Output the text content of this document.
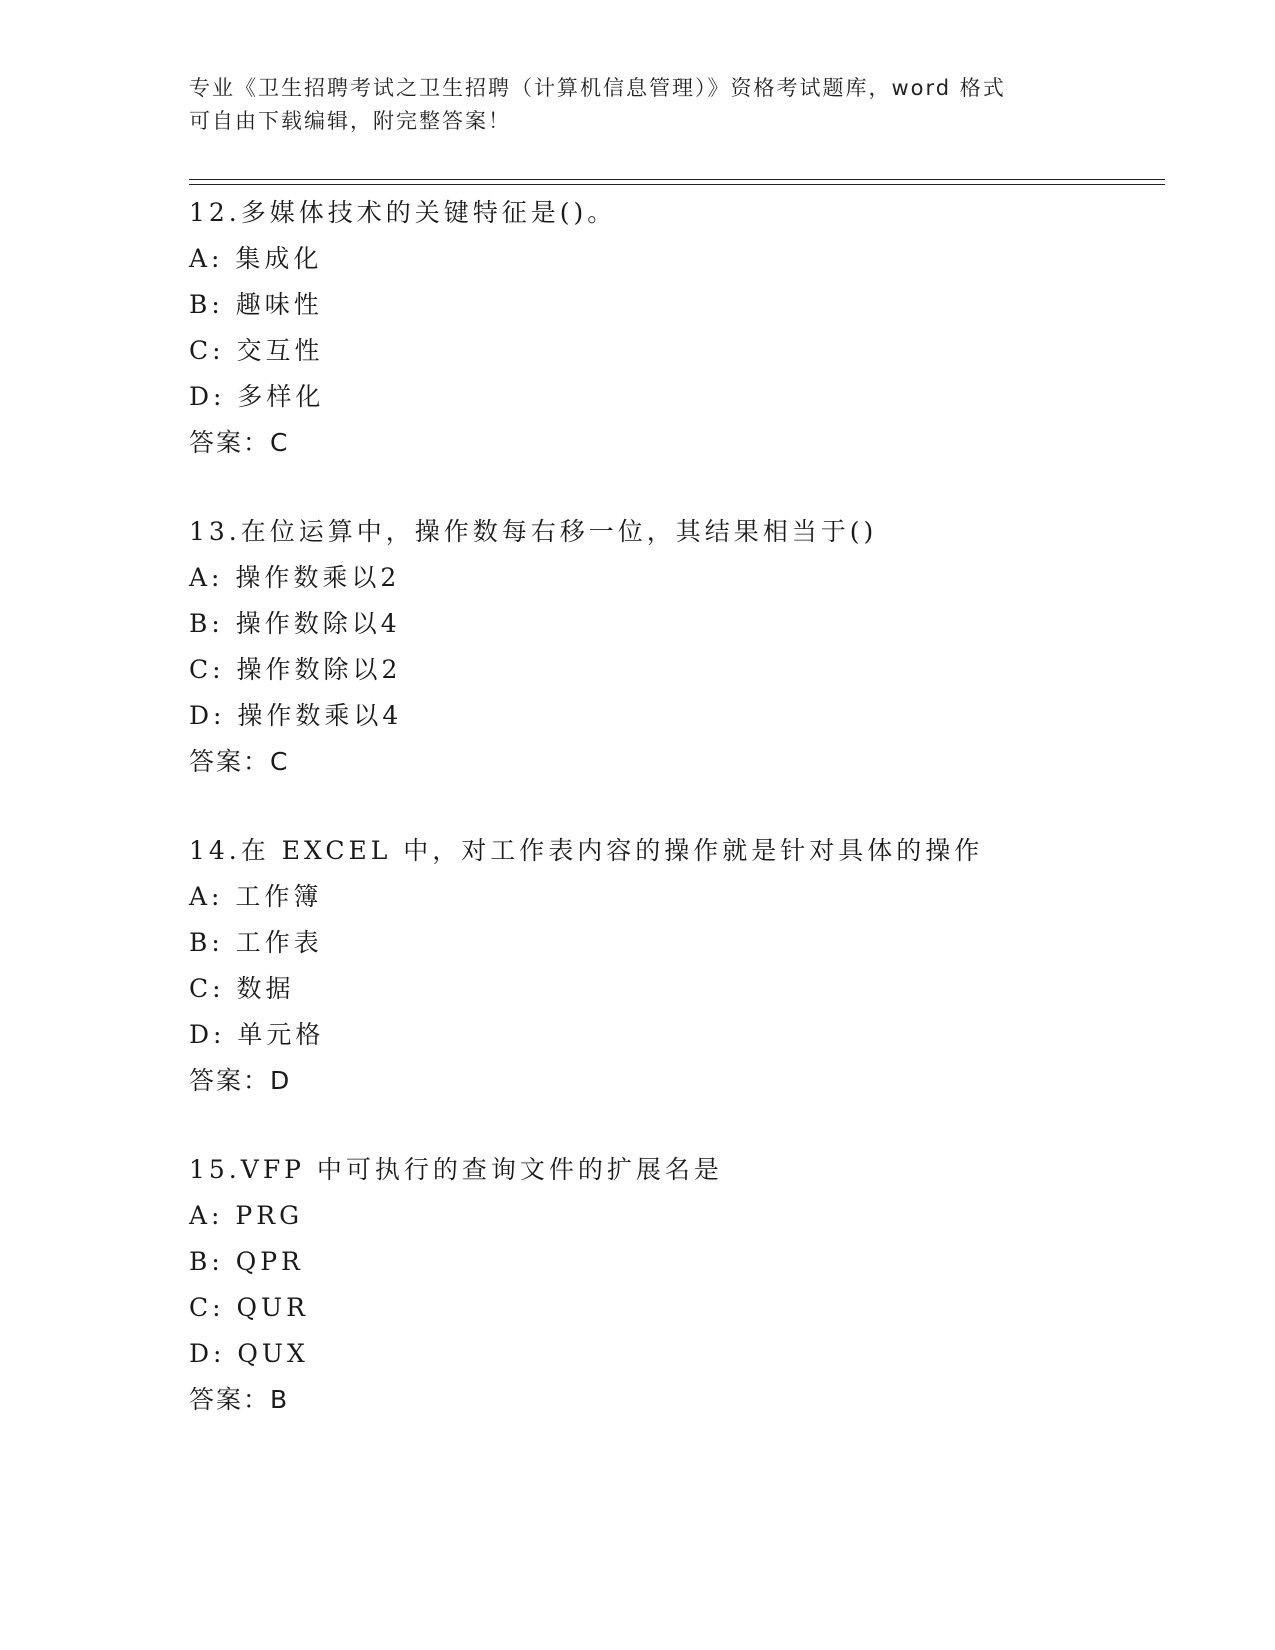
专业《卫生招聘考试之卫生招聘（计算机信息管理）》资格考试题库，word 格式
可自由下载编辑，附完整答案！
12.多媒体技术的关键特征是()。
A: 集成化
B: 趣味性
C: 交互性
D: 多样化
答案：C
13.在位运算中，操作数每右移一位，其结果相当于()
A: 操作数乘以2
B: 操作数除以4
C: 操作数除以2
D: 操作数乘以4
答案：C
14.在 EXCEL 中，对工作表内容的操作就是针对具体的操作
A: 工作簿
B: 工作表
C: 数据
D: 单元格
答案：D
15.VFP 中可执行的查询文件的扩展名是
A: PRG
B: QPR
C: QUR
D: QUX
答案：B
